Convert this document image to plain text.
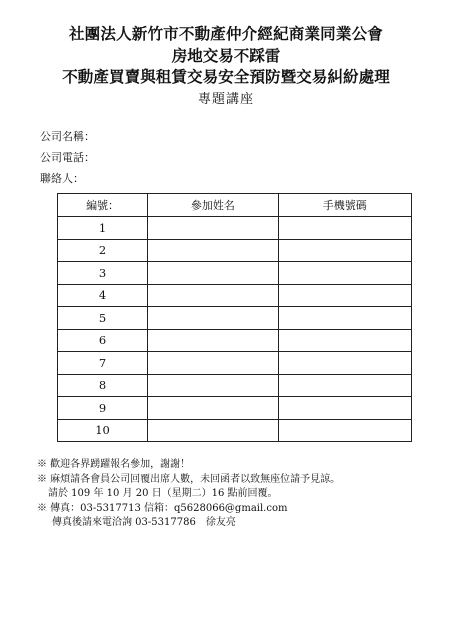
社團法人新竹市不動產仲介經紀商業同業公會
房地交易不踩雷
不動產買賣與租賃交易安全預防暨交易糾紛處理
專題講座
公司名稱：
公司電話：
聯絡人：
編號：	參加姓名	手機號碼
1		
2		
3		
4		
5		
6		
7		
8		
9		
10		
※ 歡迎各界踴躍報名參加，謝謝！
※ 麻煩請各會員公司回覆出席人數，未回函者以致無座位請予見諒。
請於 109 年 10 月 20 日（星期二）16 點前回覆。
※ 傳真：03-5317713 信箱：q5628066@gmail.com
傳真後請來電洽詢 03-5317786　徐友亮
